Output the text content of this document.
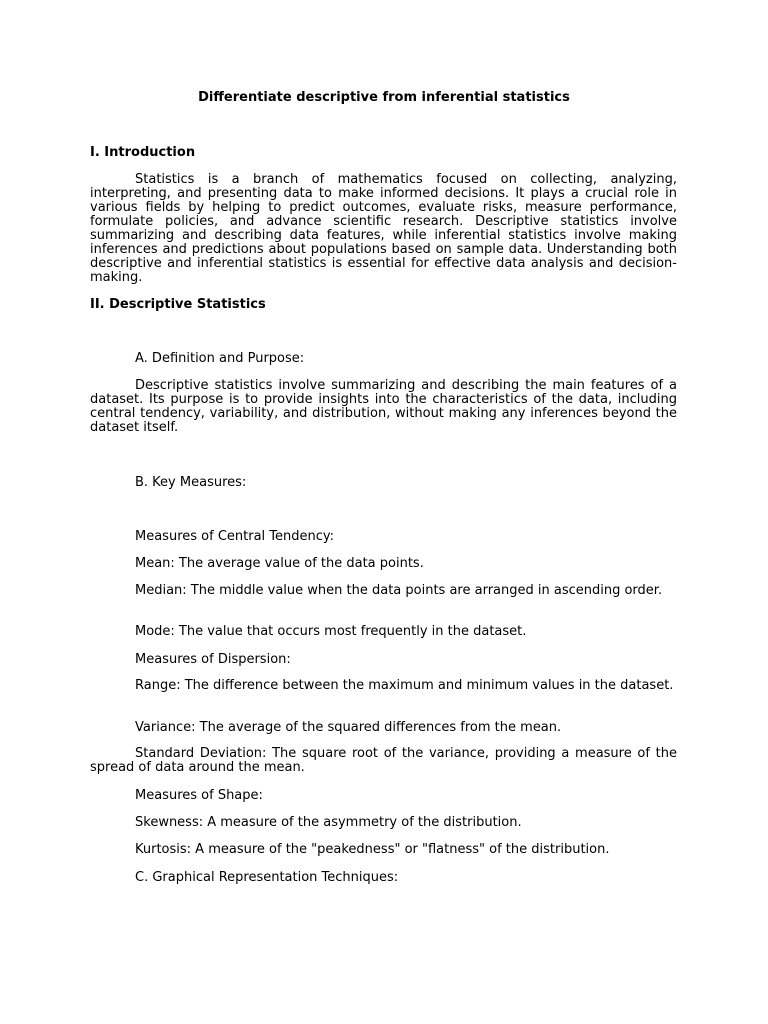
Differentiate descriptive from inferential statistics
I. Introduction
Statistics is a branch of mathematics focused on collecting, analyzing, interpreting, and presenting data to make informed decisions. It plays a crucial role in various fields by helping to predict outcomes, evaluate risks, measure performance, formulate policies, and advance scientific research. Descriptive statistics involve summarizing and describing data features, while inferential statistics involve making inferences and predictions about populations based on sample data. Understanding both descriptive and inferential statistics is essential for effective data analysis and decision-making.
II. Descriptive Statistics
A. Definition and Purpose:
Descriptive statistics involve summarizing and describing the main features of a dataset. Its purpose is to provide insights into the characteristics of the data, including central tendency, variability, and distribution, without making any inferences beyond the dataset itself.
B. Key Measures:
Measures of Central Tendency:
Mean: The average value of the data points.
Median: The middle value when the data points are arranged in ascending order.
Mode: The value that occurs most frequently in the dataset.
Measures of Dispersion:
Range: The difference between the maximum and minimum values in the dataset.
Variance: The average of the squared differences from the mean.
Standard Deviation: The square root of the variance, providing a measure of the spread of data around the mean.
Measures of Shape:
Skewness: A measure of the asymmetry of the distribution.
Kurtosis: A measure of the "peakedness" or "flatness" of the distribution.
C. Graphical Representation Techniques:
